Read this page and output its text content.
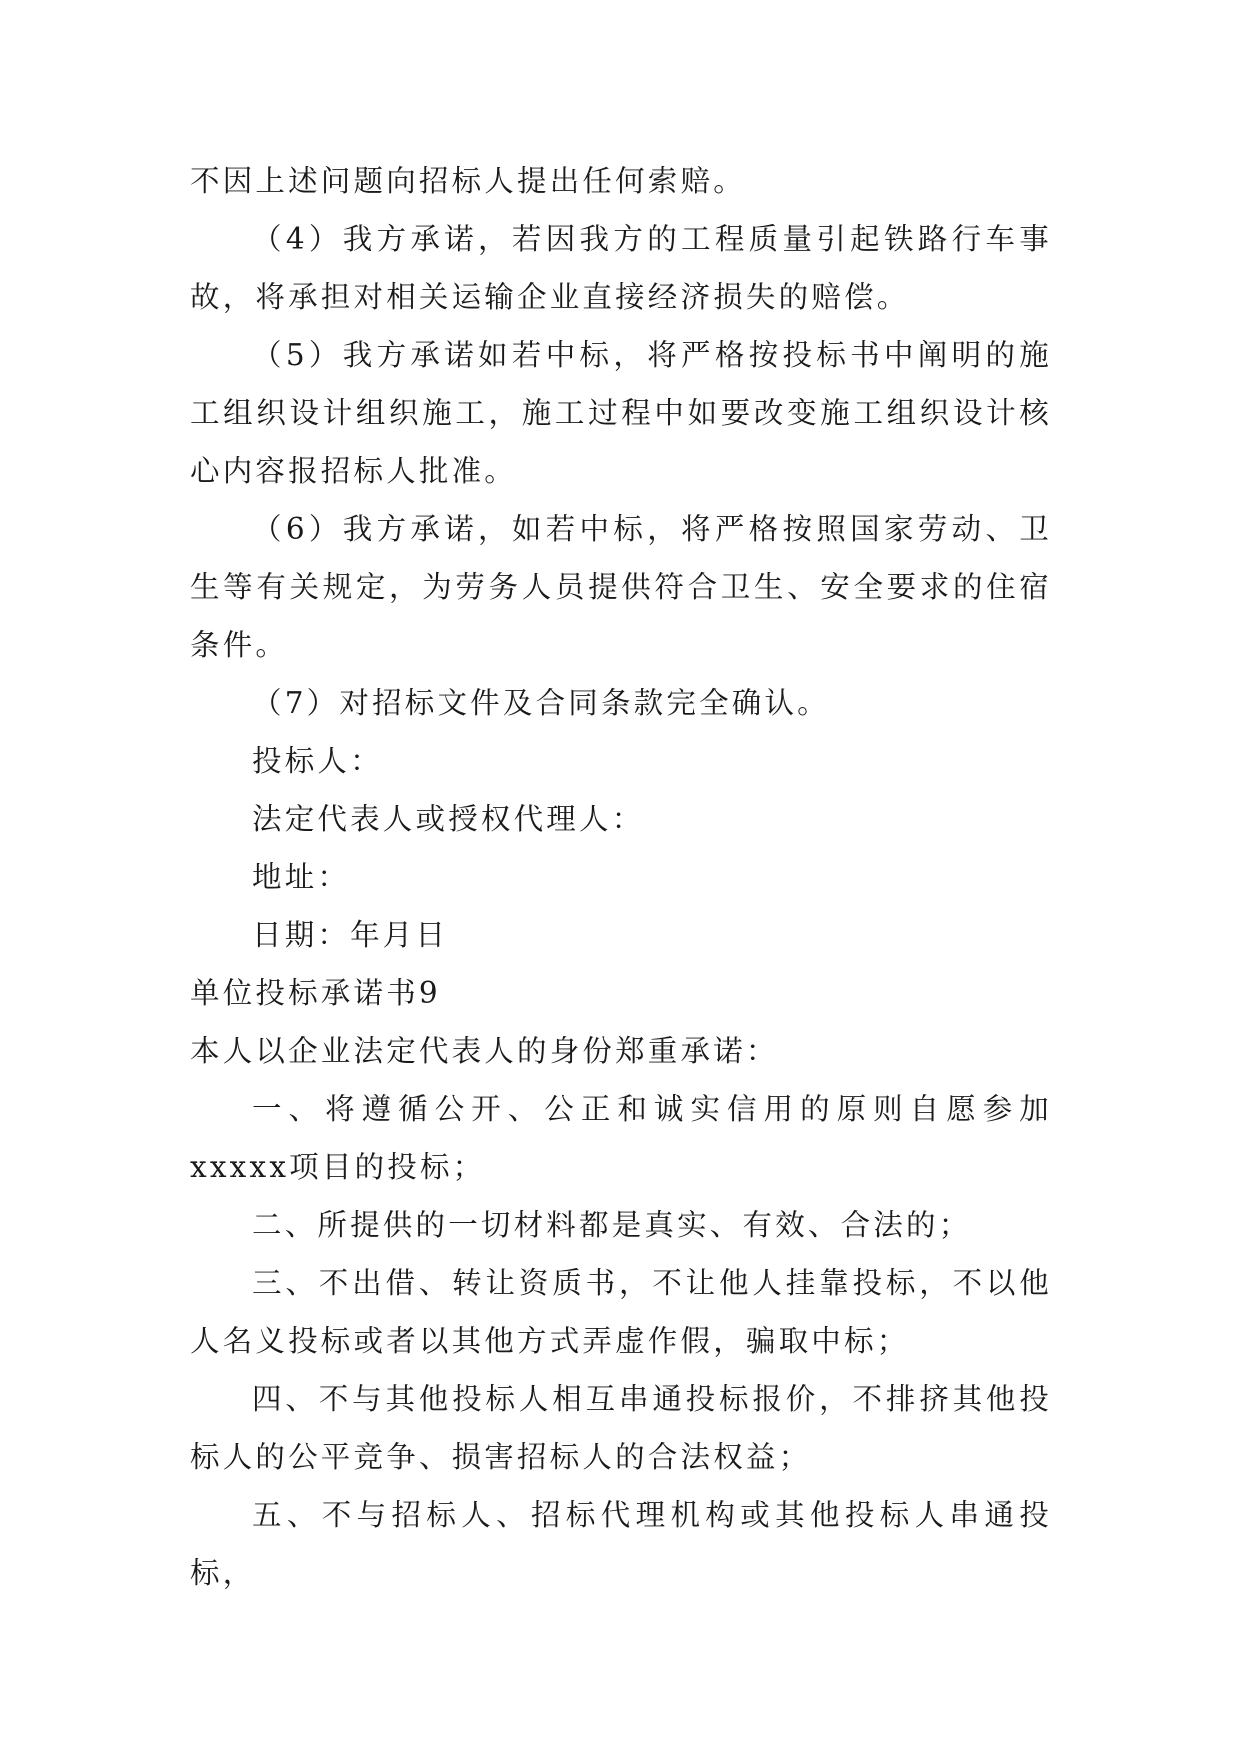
不因上述问题向招标人提出任何索赔。

（4）我方承诺，若因我方的工程质量引起铁路行车事故，将承担对相关运输企业直接经济损失的赔偿。

（5）我方承诺如若中标，将严格按投标书中阐明的施工组织设计组织施工，施工过程中如要改变施工组织设计核心内容报招标人批准。

（6）我方承诺，如若中标，将严格按照国家劳动、卫生等有关规定，为劳务人员提供符合卫生、安全要求的住宿条件。

（7）对招标文件及合同条款完全确认。

投标人：

法定代表人或授权代理人：

地址：

日期：年月日

单位投标承诺书9

本人以企业法定代表人的身份郑重承诺：

一、将遵循公开、公正和诚实信用的原则自愿参加xxxxx项目的投标；

二、所提供的一切材料都是真实、有效、合法的；

三、不出借、转让资质书，不让他人挂靠投标，不以他人名义投标或者以其他方式弄虚作假，骗取中标；

四、不与其他投标人相互串通投标报价，不排挤其他投标人的公平竞争、损害招标人的合法权益；

五、不与招标人、招标代理机构或其他投标人串通投标，
